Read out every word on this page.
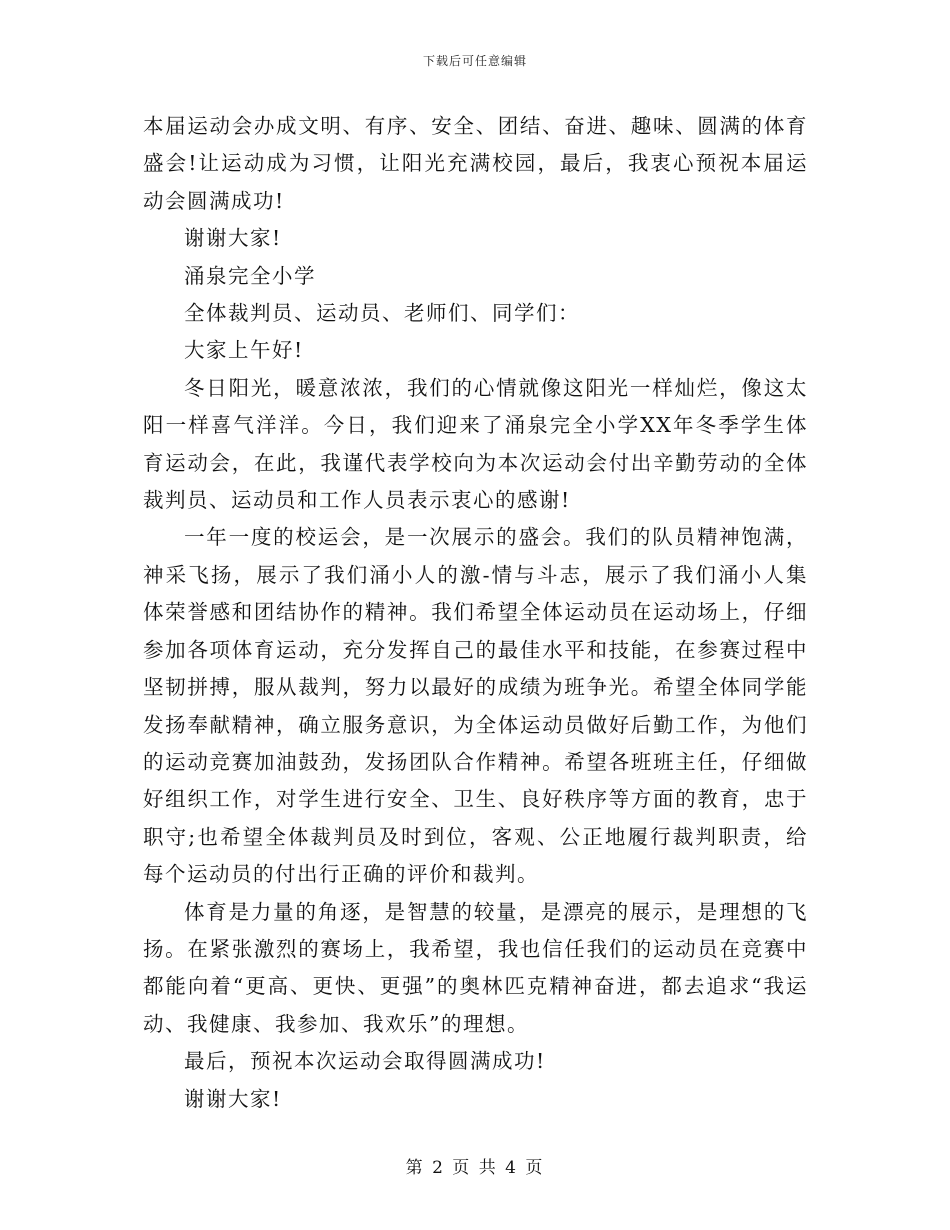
下载后可任意编辑

本届运动会办成文明、有序、安全、团结、奋进、趣味、圆满的体育盛会!让运动成为习惯，让阳光充满校园，最后，我衷心预祝本届运动会圆满成功!

谢谢大家!

涌泉完全小学

全体裁判员、运动员、老师们、同学们：

大家上午好!

冬日阳光，暖意浓浓，我们的心情就像这阳光一样灿烂，像这太阳一样喜气洋洋。今日，我们迎来了涌泉完全小学XX年冬季学生体育运动会，在此，我谨代表学校向为本次运动会付出辛勤劳动的全体裁判员、运动员和工作人员表示衷心的感谢!

一年一度的校运会，是一次展示的盛会。我们的队员精神饱满，神采飞扬，展示了我们涌小人的激-情与斗志，展示了我们涌小人集体荣誉感和团结协作的精神。我们希望全体运动员在运动场上，仔细参加各项体育运动，充分发挥自己的最佳水平和技能，在参赛过程中坚韧拼搏，服从裁判，努力以最好的成绩为班争光。希望全体同学能发扬奉献精神，确立服务意识，为全体运动员做好后勤工作，为他们的运动竞赛加油鼓劲，发扬团队合作精神。希望各班班主任，仔细做好组织工作，对学生进行安全、卫生、良好秩序等方面的教育，忠于职守;也希望全体裁判员及时到位，客观、公正地履行裁判职责，给每个运动员的付出行正确的评价和裁判。

体育是力量的角逐，是智慧的较量，是漂亮的展示，是理想的飞扬。在紧张激烈的赛场上，我希望，我也信任我们的运动员在竞赛中都能向着“更高、更快、更强”的奥林匹克精神奋进，都去追求“我运动、我健康、我参加、我欢乐”的理想。

最后，预祝本次运动会取得圆满成功!

谢谢大家!

第 2 页 共 4 页
